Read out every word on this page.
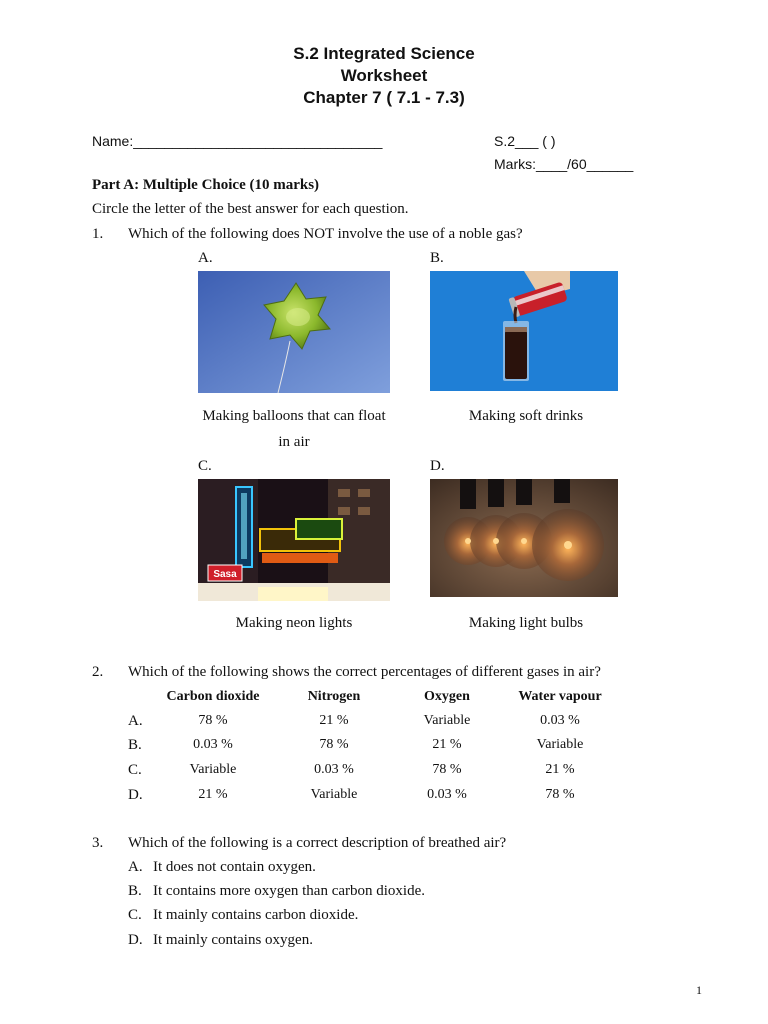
S.2 Integrated Science
Worksheet
Chapter 7 ( 7.1 - 7.3)
Name:________________________________	S.2___ ( )
Marks:____/60______
Part A: Multiple Choice (10 marks)
Circle the letter of the best answer for each question.
1. Which of the following does NOT involve the use of a noble gas?
A.	B.
Making balloons that can float
in air
Making soft drinks
C.	D.
Sasa
Making neon lights	Making light bulbs
2. Which of the following shows the correct percentages of different gases in air?
Carbon dioxide	Nitrogen	Oxygen	Water vapour
A.	78 %	21 %	Variable	0.03 %
B.	0.03 %	78 %	21 %	Variable
C.	Variable	0.03 %	78 %	21 %
D.	21 %	Variable	0.03 %	78 %
3. Which of the following is a correct description of breathed air?
A. It does not contain oxygen.
B. It contains more oxygen than carbon dioxide.
C. It mainly contains carbon dioxide.
D. It mainly contains oxygen.
1
